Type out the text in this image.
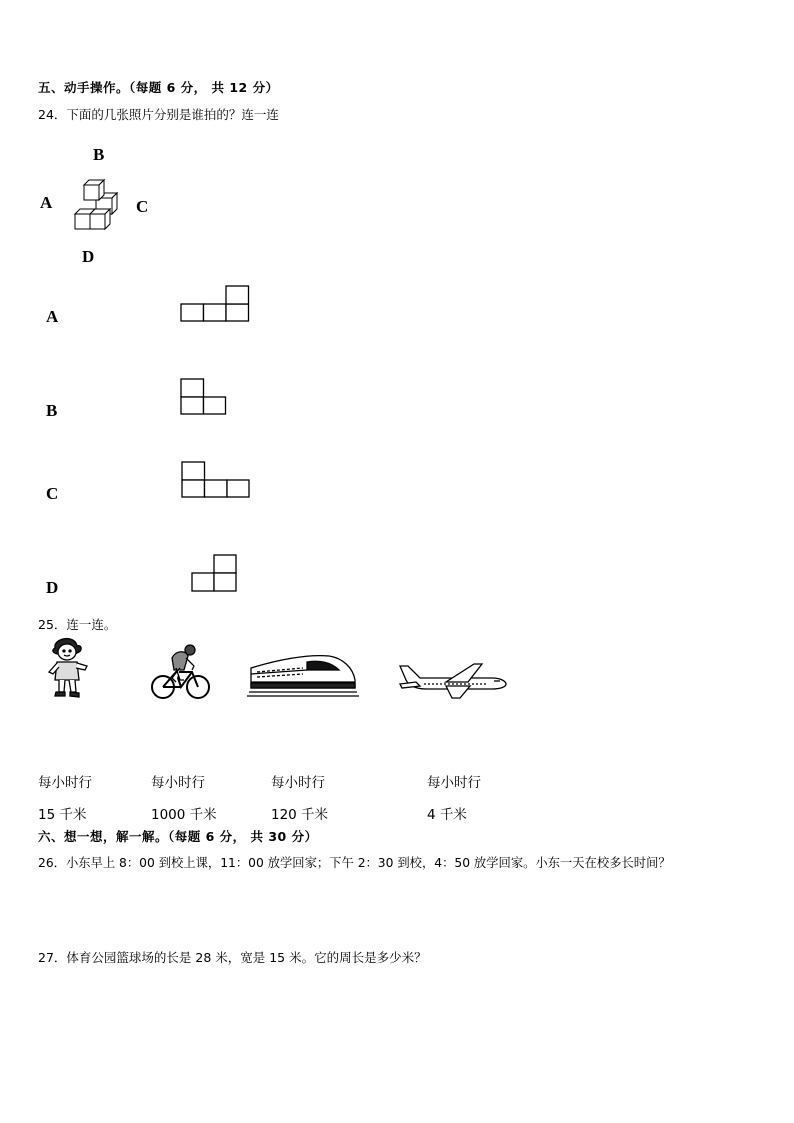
五、动手操作。（每题 6 分， 共 12 分）
24．下面的几张照片分别是谁拍的？连一连
B
A	C
D
A
B
C
D
25．连一连。
每小时行	每小时行	每小时行	每小时行
15 千米	1000 千米	120 千米	4 千米
六、想一想，解一解。（每题 6 分， 共 30 分）
26．小东早上 8：00 到校上课，11：00 放学回家；下午 2：30 到校，4：50 放学回家。小东一天在校多长时间？
27．体育公园篮球场的长是 28 米，宽是 15 米。它的周长是多少米？
